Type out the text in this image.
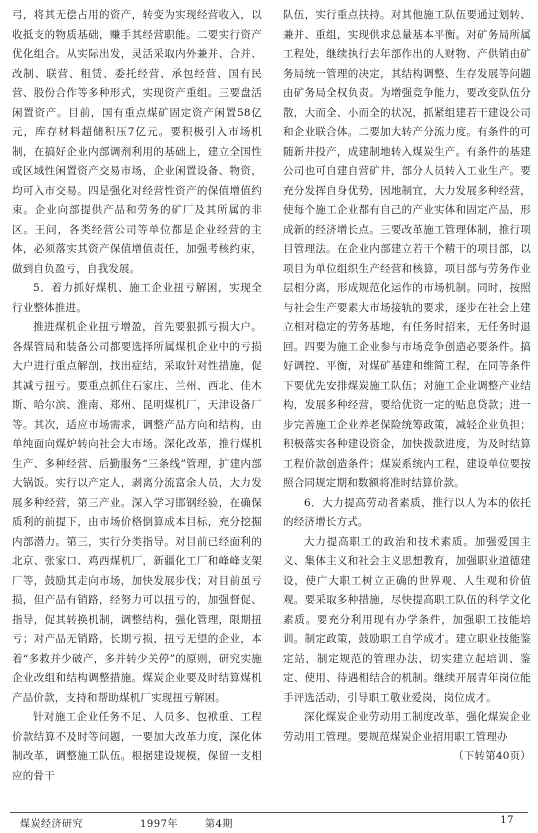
弓，将其无偿占用的资产，转变为实现经营收入，以收抵支的物质基础，赚手其经营职能。二要实行资产优化组合。从实际出发，灵活采取内外兼并、合并、改制、联营、租赁、委托经营、承包经营、国有民营、股份合作等多种形式，实现资产重组。三要盘活闲置资产。目前，国有重点煤矿固定资产闲置58亿元，库存材料超储积压7亿元。要积极引入市场机制，在搞好企业内部调剂利用的基础上，建立全国性或区域性闲置资产交易市场，企业闲置设备、物资，均可入市交易。四是强化对经营性资产的保值增值约束。企业向部提供产品和劳务的矿厂及其所属的非区。王问，各类经营公司等单位都是企业经营的主体，必须落实其资产保值增值责任，加强考核约束，做到自负盈亏，自我发展。

5．着力抓好煤机、施工企业扭亏解困，实现全行业整体推进。

推进煤机企业扭亏增盈，首先要狠抓亏损大户。各煤管局和装备公司都要选择所属煤机企业中的亏损大户进行重点解剖，找出症结，采取针对性措施，促其减亏扭亏。要重点抓住石家庄、兰州、西北、佳木斯、哈尔滨、淮南、郑州、昆明煤机厂，天津设备厂等。其次，适应市场需求，调整产品方向和结构，由单纯面向煤炉转向社会大市场。深化改革，推行煤机生产、多种经营、后勤服务“三条线”管理，扩建内部大锅饭。实行以产定人，剥离分流富余人员，大力发展多种经营，第三产业。深入学习邯钢经验，在确保质利的前提下，由市场价格倒算成本目标，充分挖掘内部潜力。第三，实行分类指导。对目前已经面利的北京、张家口、鸡西煤机厂，新疆化工厂和峰峰支架厂等，鼓励其走向市场，加快发展步伐；对目前虽亏损，但产品有销路，经努力可以扭亏的，加强督促、指导，促其转换机制，调整结构，强化管理，限期扭亏；对产品无销路，长期亏损，扭亏无望的企业，本着“多救并少破产，多并转少关停”的原则，研究实施企业改组和结构调整措施。煤炭企业要及时结算煤机产品价款，支持和帮助煤机厂实现扭亏解困。

针对施工企业任务不足、人员多、包袱重、工程价款结算不及时等问题，一要加大改革力度，深化体制改革，调整施工队伍。根据建设规模，保留一支相应的骨干

队伍，实行重点扶持。对其他施工队伍要通过划转、兼并、重组，实现供求总量基本平衡。对矿务局所属工程处，继续执行去年部作出的人财物、产供销由矿务局统一管理的决定，其结构调整、生存发展等问题由矿务局全权负责。为增强竞争能力，要改变队伍分散，大而全、小而全的状况，抓紧组建若干建设公司和企业联合体。二要加大转产分流力度。有条件的可随新井投产，成建制地转入煤炭生产。有条件的基建公司也可自建自营矿井，部分人员转入工业生产。要充分发挥自身优势，因地制宜，大力发展多种经营，使每个施工企业都有自己的产业实体和固定产品，形成新的经济增长点。三要改革施工管理体制，推行项目管理法。在企业内部建立若干个精干的项目部，以项目为单位组织生产经营和核算，项目部与劳务作业层相分离，形成规范化运作的市场机制。同时，按照与社会生产要素大市场接轨的要求，逐步在社会上建立相对稳定的劳务基地，有任务时招来，无任务时退回。四要为施工企业参与市场竞争创造必要条件。搞好调控、平衡，对煤矿基建和维简工程，在同等条件下要优先安排煤炭施工队伍；对施工企业调整产业结构，发展多种经营，要给优资一定的贴息贷款；进一步完善施工企业养老保险统筹政策，减轻企业负担；积极落实各种建设资金，加快拨款进度，为及时结算工程价款创造条件；煤炭系统内工程，建设单位要按照合同规定期和数额将准时结算价款。

6．大力提高劳动者素质，推行以人为本的依托的经济增长方式。

大力提高职工的政治和技术素质。加强爱国主义、集体主义和社会主义思想教育，加强职业道德建设，使广大职工树立正确的世界观、人生观和价值观。要采取多种措施，尽快提高职工队伍的科学文化素质。要充分利用现有办学条件，加强职工技能培训。制定政策，鼓励职工自学成才。建立职业技能鉴定站，制定规范的管理办法，切实建立起培训、鉴定、使用、待遇相结合的机制。继续开展青年岗位能手评选活动，引导职工敬业爱岗，岗位成才。

深化煤炭企业劳动用工制度改革，强化煤炭企业劳动用工管理。要规范煤炭企业招用职工管理办

（下转第40页）

煤炭经济研究	1997年	第4期	17
